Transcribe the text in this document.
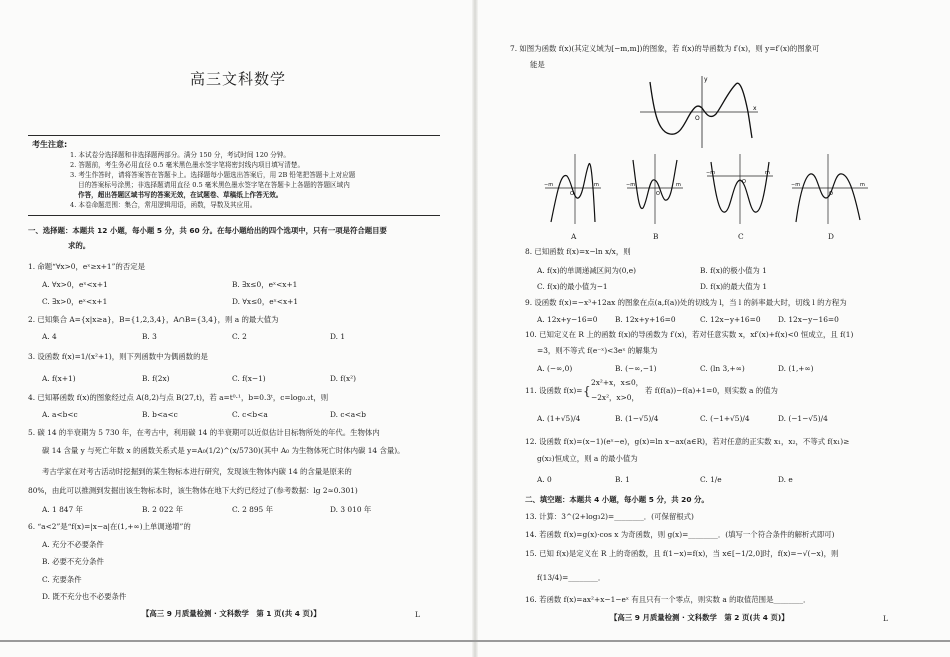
高三文科数学
考生注意:
1. 本试卷分选择题和非选择题两部分。满分 150 分，考试时间 120 分钟。
2. 答题前，考生务必用直径 0.5 毫米黑色墨水签字笔将密封线内项目填写清楚。
3. 考生作答时，请将答案答在答题卡上。选择题每小题选出答案后，用 2B 铅笔把答题卡上对应题
目的答案标号涂黑；非选择题请用直径 0.5 毫米黑色墨水签字笔在答题卡上各题的答题区域内
作答，超出答题区域书写的答案无效，在试题卷、草稿纸上作答无效。
4. 本卷命题范围：集合，常用逻辑用语，函数，导数及其应用。
一、选择题：本题共 12 小题，每小题 5 分，共 60 分。在每小题给出的四个选项中，只有一项是符合题目要
求的。
1. 命题“∀x>0，eˣ≥x+1”的否定是
A. ∀x>0，eˣ<x+1	B. ∃x≤0，eˣ<x+1
C. ∃x>0，eˣ<x+1	D. ∀x≤0，eˣ<x+1
2. 已知集合 A={x|x≥a}，B={1,2,3,4}，A∩B={3,4}，则 a 的最大值为
A. 4	B. 3	C. 2	D. 1
3. 设函数 f(x)=1/(x²+1)，则下列函数中为偶函数的是
A. f(x+1)	B. f(2x)	C. f(x−1)	D. f(x²)
4. 已知幂函数 f(x)的图象经过点 A(8,2)与点 B(27,t)，若 a=t⁰·¹，b=0.3ᵗ，c=log₀.₂t，则
A. a<b<c	B. b<a<c	C. c<b<a	D. c<a<b
5. 碳 14 的半衰期为 5 730 年，在考古中，利用碳 14 的半衰期可以近似估计目标物所处的年代。生物体内
碳 14 含量 y 与死亡年数 x 的函数关系式是 y=A₀(1/2)^(x/5730)(其中 A₀ 为生物体死亡时体内碳 14 含量)。
考古学家在对考古活动时挖掘到的某生物标本进行研究，发现该生物体内碳 14 的含量是原来的
80%，由此可以推测到发掘出该生物标本时，该生物体在地下大约已经过了(参考数据：lg 2≈0.301)
A. 1 847 年	B. 2 022 年	C. 2 895 年	D. 3 010 年
6. “a<2”是“f(x)=|x−a|在(1,+∞)上单调递增”的
A. 充分不必要条件
B. 必要不充分条件
C. 充要条件
D. 既不充分也不必要条件
【高三 9 月质量检测 · 文科数学　第 1 页(共 4 页)】	L
7. 如图为函数 f(x)(其定义域为[−m,m])的图象，若 f(x)的导函数为 f′(x)，则 y=f′(x)的图象可
能是
y
O
x
−m	m
O
A
−m	m
O
B
−m	m
O
C
−m	m
O
D
8. 已知函数 f(x)=x−ln x/x，则
A. f(x)的单调递减区间为(0,e)	B. f(x)的极小值为 1
C. f(x)的最小值为−1	D. f(x)的最大值为 1
9. 设函数 f(x)=−x³+12ax 的图象在点(a,f(a))处的切线为 l，当 l 的斜率最大时，切线 l 的方程为
A. 12x+y−16=0 B. 12x+y+16=0	C. 12x−y+16=0 D. 12x−y−16=0
10. 已知定义在 R 上的函数 f(x)的导函数为 f′(x)，若对任意实数 x，xf′(x)+f(x)<0 恒成立，且 f(1)
=3，则不等式 f(e⁻ˣ)<3eˣ 的解集为
A. (−∞,0)	B. (−∞,−1)	C. (ln 3,+∞)	D. (1,+∞)
11. 设函数 f(x)= {
2x²+x，x≤0，
−2x²，x>0，
若 f(f(a))−f(a)+1=0，则实数 a 的值为
A. (1+√5)/4	B. (1−√5)/4	C. (−1+√5)/4	D. (−1−√5)/4
12. 设函数 f(x)=(x−1)(eˣ−e)，g(x)=ln x−ax(a∈R)，若对任意的正实数 x₁，x₂，不等式 f(x₁)≥
g(x₂)恒成立，则 a 的最小值为
A. 0	B. 1	C. 1/e	D. e
二、填空题：本题共 4 小题，每小题 5 分，共 20 分。
13. 计算：3^(2+log₃2)=________．(可保留根式)
14. 若函数 f(x)=g(x)·cos x 为奇函数，则 g(x)=________．(填写一个符合条件的解析式即可)
15. 已知 f(x)是定义在 R 上的奇函数，且 f(1−x)=f(x)，当 x∈[−1/2,0]时，f(x)=−√(−x)，则
f(13/4)=________．
16. 若函数 f(x)=ax²+x−1−eˣ 有且只有一个零点，则实数 a 的取值范围是________．
【高三 9 月质量检测 · 文科数学　第 2 页(共 4 页)】	L
